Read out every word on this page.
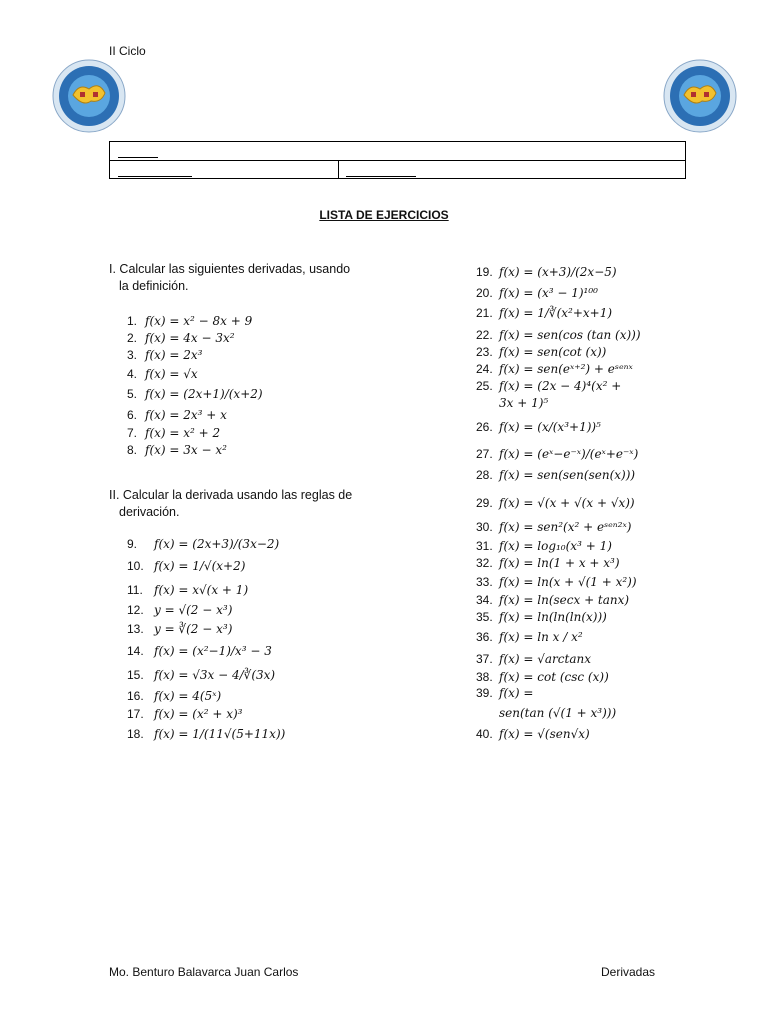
II Ciclo
LISTA DE EJERCICIOS
I. Calcular las siguientes derivadas, usando
la definición.
II. Calcular la derivada usando las reglas de
derivación.
1. f(x) = x² − 8x + 9
2. f(x) = 4x − 3x²
3. f(x) = 2x³
4. f(x) = √x
5. f(x) = (2x+1)/(x+2)
6. f(x) = 2x³ + x
7. f(x) = x² + 2
8. f(x) = 3x − x²
9. f(x) = (2x+3)/(3x−2)
10. f(x) = 1/√(x+2)
11. f(x) = x√(x + 1)
12. y = √(2 − x³)
13. y = ∛(2 − x³)
14. f(x) = (x²−1)/x³ − 3
15. f(x) = √3x − 4/∛(3x)
16. f(x) = 4(5ˣ)
17. f(x) = (x² + x)³
18. f(x) = 1/(11√(5+11x))
19. f(x) = (x+3)/(2x−5)
20. f(x) = (x³ − 1)¹⁰⁰
21. f(x) = 1/∛(x²+x+1)
22. f(x) = sen(cos (tan (x)))
23. f(x) = sen(cot (x))
24. f(x) = sen(eˣ⁺²) + eˢᵉⁿˣ
25. f(x) = (2x − 4)⁴(x² +
3x + 1)⁵
26. f(x) = (x/(x³+1))⁵
27. f(x) = (eˣ−e⁻ˣ)/(eˣ+e⁻ˣ)
28. f(x) = sen(sen(sen(x)))
29. f(x) = √(x + √(x + √x))
30. f(x) = sen²(x² + eˢᵉⁿ²ˣ)
31. f(x) = log₁₀(x³ + 1)
32. f(x) = ln(1 + x + x³)
33. f(x) = ln(x + √(1 + x²))
34. f(x) = ln(secx + tanx)
35. f(x) = ln(ln(ln(x)))
36. f(x) = ln x / x²
37. f(x) = √arctanx
38. f(x) = cot (csc (x))
39. f(x) =
sen(tan (√(1 + x³)))
40. f(x) = √(sen√x)
Mo. Benturo Balavarca Juan Carlos	Derivadas
